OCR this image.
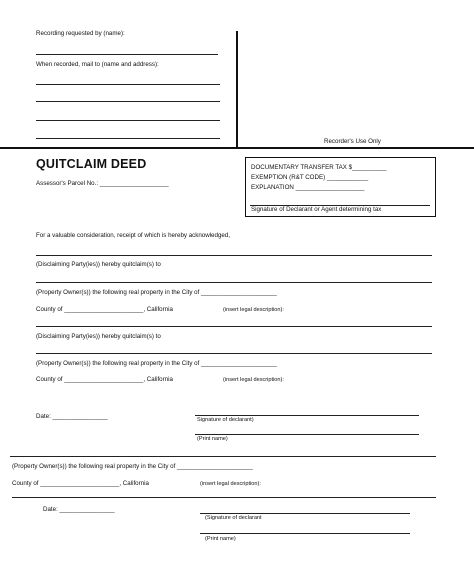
Recording requested by (name):
When recorded, mail to (name and address):
Recorder's Use Only
QUITCLAIM DEED
Assessor's Parcel No.: ____________________
DOCUMENTARY TRANSFER TAX $__________
EXEMPTION (R&T CODE) ____________
EXPLANATION ____________________
Signature of Declarant or Agent determining tax
For a valuable consideration, receipt of which is hereby acknowledged,
(Disclaiming Party(ies)) hereby quitclaim(s) to
(Property Owner(s)) the following real property in the City of ______________________
County of _______________________, California	(insert legal description):
(Disclaiming Party(ies)) hereby quitclaim(s) to
(Property Owner(s)) the following real property in the City of ______________________
County of _______________________, California	(insert legal description):
Date: ________________	Signature of declarant)
(Print name)
(Property Owner(s)) the following real property in the City of ______________________
County of _______________________, California	(insert legal description):
Date: ________________
(Signature of declarant
(Print name)
